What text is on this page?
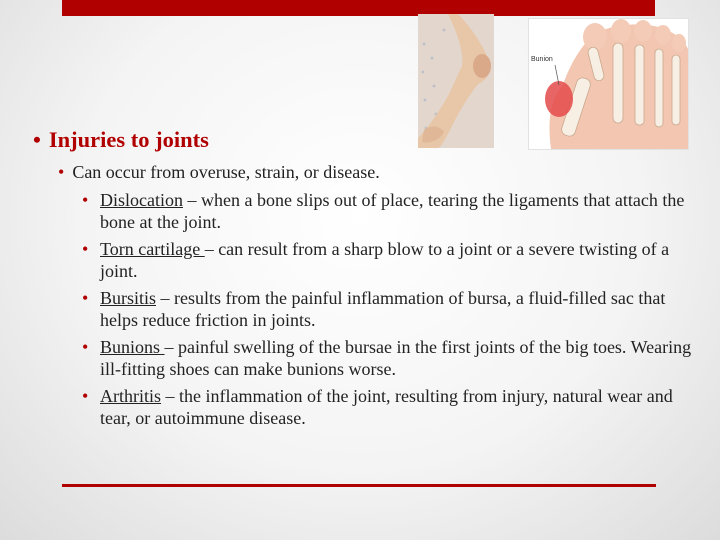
Bunion
• Injuries to joints
• Can occur from overuse, strain, or disease.
• Dislocation – when a bone slips out of place, tearing the ligaments that attach the bone at the joint.
• Torn cartilage – can result from a sharp blow to a joint or a severe twisting of a joint.
• Bursitis – results from the painful inflammation of bursa, a fluid-filled sac that helps reduce friction in joints.
• Bunions – painful swelling of the bursae in the first joints of the big toes. Wearing ill-fitting shoes can make bunions worse.
• Arthritis – the inflammation of the joint, resulting from injury, natural wear and tear, or autoimmune disease.
